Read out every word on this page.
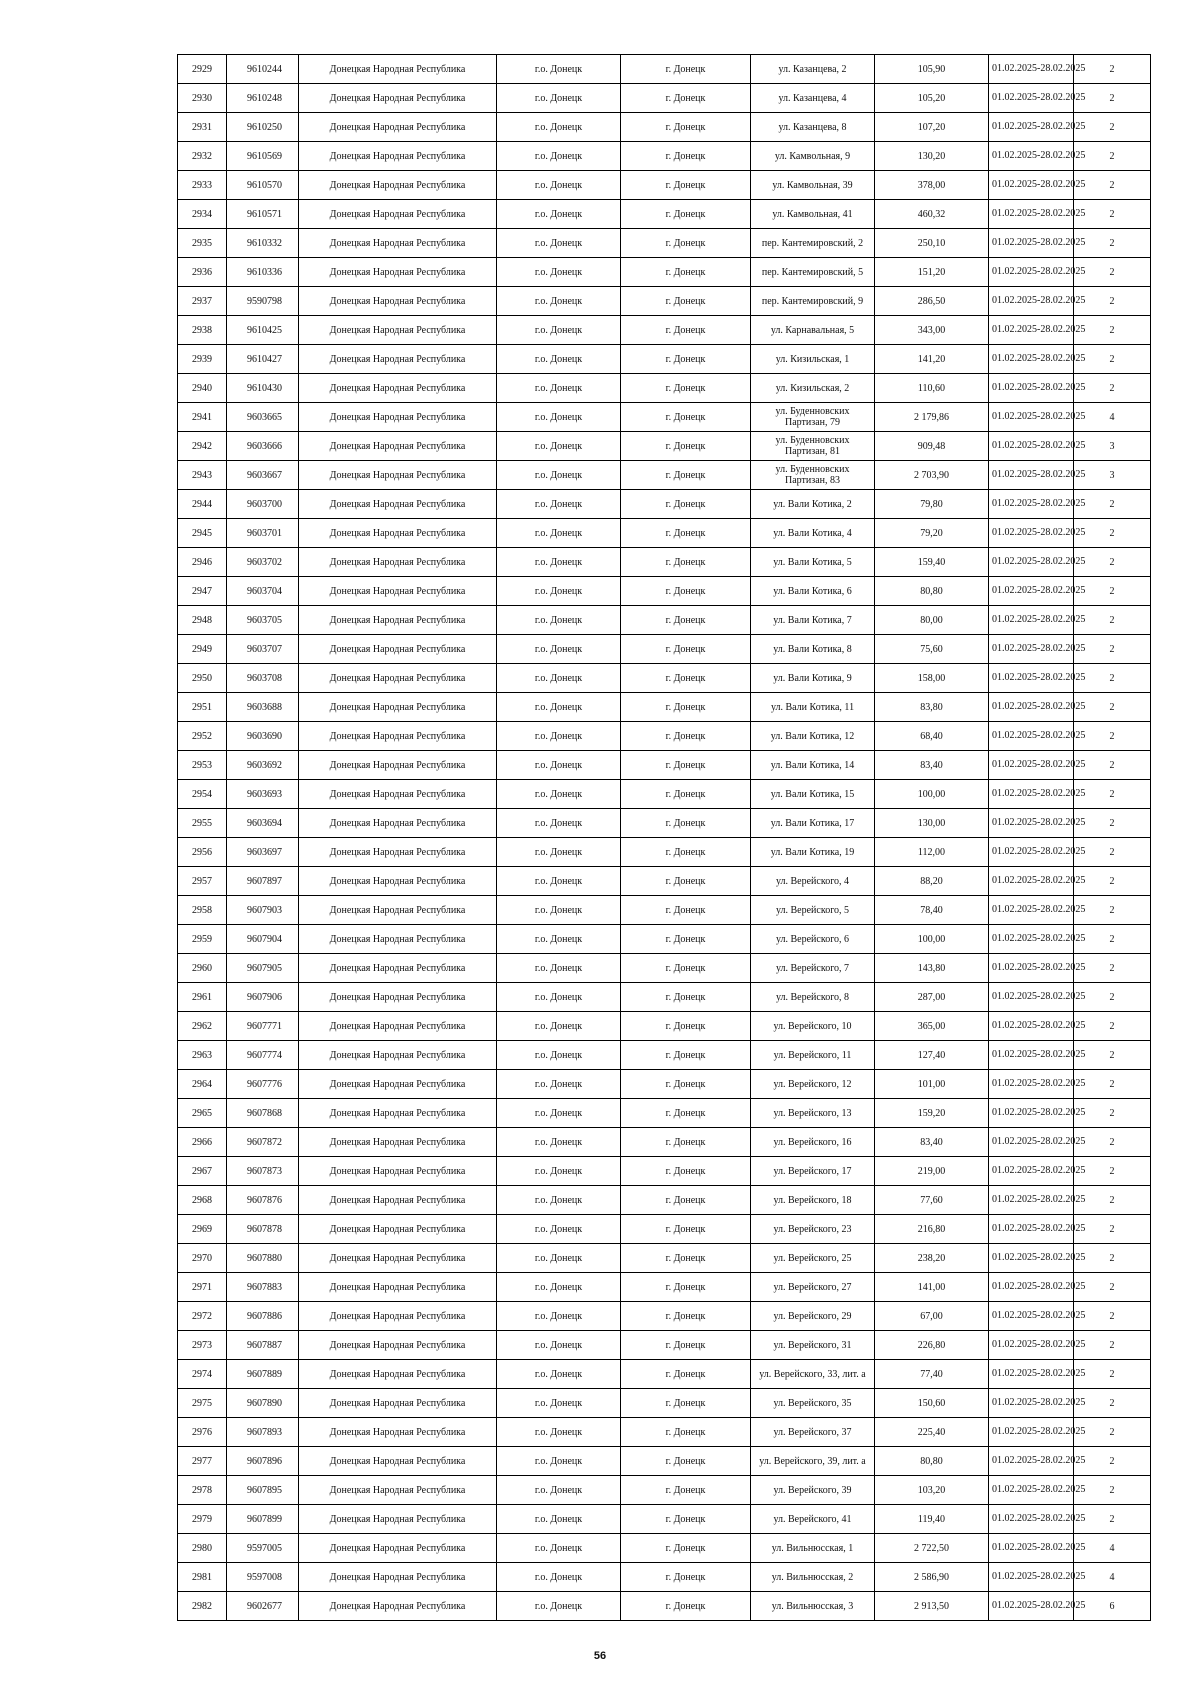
2929	9610244	Донецкая Народная Республика	г.о. Донецк	г. Донецк	ул. Казанцева, 2	105,90	01.02.2025-28.02.2025	2
2930	9610248	Донецкая Народная Республика	г.о. Донецк	г. Донецк	ул. Казанцева, 4	105,20	01.02.2025-28.02.2025	2
2931	9610250	Донецкая Народная Республика	г.о. Донецк	г. Донецк	ул. Казанцева, 8	107,20	01.02.2025-28.02.2025	2
2932	9610569	Донецкая Народная Республика	г.о. Донецк	г. Донецк	ул. Камвольная, 9	130,20	01.02.2025-28.02.2025	2
2933	9610570	Донецкая Народная Республика	г.о. Донецк	г. Донецк	ул. Камвольная, 39	378,00	01.02.2025-28.02.2025	2
2934	9610571	Донецкая Народная Республика	г.о. Донецк	г. Донецк	ул. Камвольная, 41	460,32	01.02.2025-28.02.2025	2
2935	9610332	Донецкая Народная Республика	г.о. Донецк	г. Донецк	пер. Кантемировский, 2	250,10	01.02.2025-28.02.2025	2
2936	9610336	Донецкая Народная Республика	г.о. Донецк	г. Донецк	пер. Кантемировский, 5	151,20	01.02.2025-28.02.2025	2
2937	9590798	Донецкая Народная Республика	г.о. Донецк	г. Донецк	пер. Кантемировский, 9	286,50	01.02.2025-28.02.2025	2
2938	9610425	Донецкая Народная Республика	г.о. Донецк	г. Донецк	ул. Карнавальная, 5	343,00	01.02.2025-28.02.2025	2
2939	9610427	Донецкая Народная Республика	г.о. Донецк	г. Донецк	ул. Кизильская, 1	141,20	01.02.2025-28.02.2025	2
2940	9610430	Донецкая Народная Республика	г.о. Донецк	г. Донецк	ул. Кизильская, 2	110,60	01.02.2025-28.02.2025	2
2941	9603665	Донецкая Народная Республика	г.о. Донецк	г. Донецк	ул. Буденновских Партизан, 79	2 179,86	01.02.2025-28.02.2025	4
2942	9603666	Донецкая Народная Республика	г.о. Донецк	г. Донецк	ул. Буденновских Партизан, 81	909,48	01.02.2025-28.02.2025	3
2943	9603667	Донецкая Народная Республика	г.о. Донецк	г. Донецк	ул. Буденновских Партизан, 83	2 703,90	01.02.2025-28.02.2025	3
2944	9603700	Донецкая Народная Республика	г.о. Донецк	г. Донецк	ул. Вали Котика, 2	79,80	01.02.2025-28.02.2025	2
2945	9603701	Донецкая Народная Республика	г.о. Донецк	г. Донецк	ул. Вали Котика, 4	79,20	01.02.2025-28.02.2025	2
2946	9603702	Донецкая Народная Республика	г.о. Донецк	г. Донецк	ул. Вали Котика, 5	159,40	01.02.2025-28.02.2025	2
2947	9603704	Донецкая Народная Республика	г.о. Донецк	г. Донецк	ул. Вали Котика, 6	80,80	01.02.2025-28.02.2025	2
2948	9603705	Донецкая Народная Республика	г.о. Донецк	г. Донецк	ул. Вали Котика, 7	80,00	01.02.2025-28.02.2025	2
2949	9603707	Донецкая Народная Республика	г.о. Донецк	г. Донецк	ул. Вали Котика, 8	75,60	01.02.2025-28.02.2025	2
2950	9603708	Донецкая Народная Республика	г.о. Донецк	г. Донецк	ул. Вали Котика, 9	158,00	01.02.2025-28.02.2025	2
2951	9603688	Донецкая Народная Республика	г.о. Донецк	г. Донецк	ул. Вали Котика, 11	83,80	01.02.2025-28.02.2025	2
2952	9603690	Донецкая Народная Республика	г.о. Донецк	г. Донецк	ул. Вали Котика, 12	68,40	01.02.2025-28.02.2025	2
2953	9603692	Донецкая Народная Республика	г.о. Донецк	г. Донецк	ул. Вали Котика, 14	83,40	01.02.2025-28.02.2025	2
2954	9603693	Донецкая Народная Республика	г.о. Донецк	г. Донецк	ул. Вали Котика, 15	100,00	01.02.2025-28.02.2025	2
2955	9603694	Донецкая Народная Республика	г.о. Донецк	г. Донецк	ул. Вали Котика, 17	130,00	01.02.2025-28.02.2025	2
2956	9603697	Донецкая Народная Республика	г.о. Донецк	г. Донецк	ул. Вали Котика, 19	112,00	01.02.2025-28.02.2025	2
2957	9607897	Донецкая Народная Республика	г.о. Донецк	г. Донецк	ул. Верейского, 4	88,20	01.02.2025-28.02.2025	2
2958	9607903	Донецкая Народная Республика	г.о. Донецк	г. Донецк	ул. Верейского, 5	78,40	01.02.2025-28.02.2025	2
2959	9607904	Донецкая Народная Республика	г.о. Донецк	г. Донецк	ул. Верейского, 6	100,00	01.02.2025-28.02.2025	2
2960	9607905	Донецкая Народная Республика	г.о. Донецк	г. Донецк	ул. Верейского, 7	143,80	01.02.2025-28.02.2025	2
2961	9607906	Донецкая Народная Республика	г.о. Донецк	г. Донецк	ул. Верейского, 8	287,00	01.02.2025-28.02.2025	2
2962	9607771	Донецкая Народная Республика	г.о. Донецк	г. Донецк	ул. Верейского, 10	365,00	01.02.2025-28.02.2025	2
2963	9607774	Донецкая Народная Республика	г.о. Донецк	г. Донецк	ул. Верейского, 11	127,40	01.02.2025-28.02.2025	2
2964	9607776	Донецкая Народная Республика	г.о. Донецк	г. Донецк	ул. Верейского, 12	101,00	01.02.2025-28.02.2025	2
2965	9607868	Донецкая Народная Республика	г.о. Донецк	г. Донецк	ул. Верейского, 13	159,20	01.02.2025-28.02.2025	2
2966	9607872	Донецкая Народная Республика	г.о. Донецк	г. Донецк	ул. Верейского, 16	83,40	01.02.2025-28.02.2025	2
2967	9607873	Донецкая Народная Республика	г.о. Донецк	г. Донецк	ул. Верейского, 17	219,00	01.02.2025-28.02.2025	2
2968	9607876	Донецкая Народная Республика	г.о. Донецк	г. Донецк	ул. Верейского, 18	77,60	01.02.2025-28.02.2025	2
2969	9607878	Донецкая Народная Республика	г.о. Донецк	г. Донецк	ул. Верейского, 23	216,80	01.02.2025-28.02.2025	2
2970	9607880	Донецкая Народная Республика	г.о. Донецк	г. Донецк	ул. Верейского, 25	238,20	01.02.2025-28.02.2025	2
2971	9607883	Донецкая Народная Республика	г.о. Донецк	г. Донецк	ул. Верейского, 27	141,00	01.02.2025-28.02.2025	2
2972	9607886	Донецкая Народная Республика	г.о. Донецк	г. Донецк	ул. Верейского, 29	67,00	01.02.2025-28.02.2025	2
2973	9607887	Донецкая Народная Республика	г.о. Донецк	г. Донецк	ул. Верейского, 31	226,80	01.02.2025-28.02.2025	2
2974	9607889	Донецкая Народная Республика	г.о. Донецк	г. Донецк	ул. Верейского, 33, лит. а	77,40	01.02.2025-28.02.2025	2
2975	9607890	Донецкая Народная Республика	г.о. Донецк	г. Донецк	ул. Верейского, 35	150,60	01.02.2025-28.02.2025	2
2976	9607893	Донецкая Народная Республика	г.о. Донецк	г. Донецк	ул. Верейского, 37	225,40	01.02.2025-28.02.2025	2
2977	9607896	Донецкая Народная Республика	г.о. Донецк	г. Донецк	ул. Верейского, 39, лит. а	80,80	01.02.2025-28.02.2025	2
2978	9607895	Донецкая Народная Республика	г.о. Донецк	г. Донецк	ул. Верейского, 39	103,20	01.02.2025-28.02.2025	2
2979	9607899	Донецкая Народная Республика	г.о. Донецк	г. Донецк	ул. Верейского, 41	119,40	01.02.2025-28.02.2025	2
2980	9597005	Донецкая Народная Республика	г.о. Донецк	г. Донецк	ул. Вильнюсская, 1	2 722,50	01.02.2025-28.02.2025	4
2981	9597008	Донецкая Народная Республика	г.о. Донецк	г. Донецк	ул. Вильнюсская, 2	2 586,90	01.02.2025-28.02.2025	4
2982	9602677	Донецкая Народная Республика	г.о. Донецк	г. Донецк	ул. Вильнюсская, 3	2 913,50	01.02.2025-28.02.2025	6
56
